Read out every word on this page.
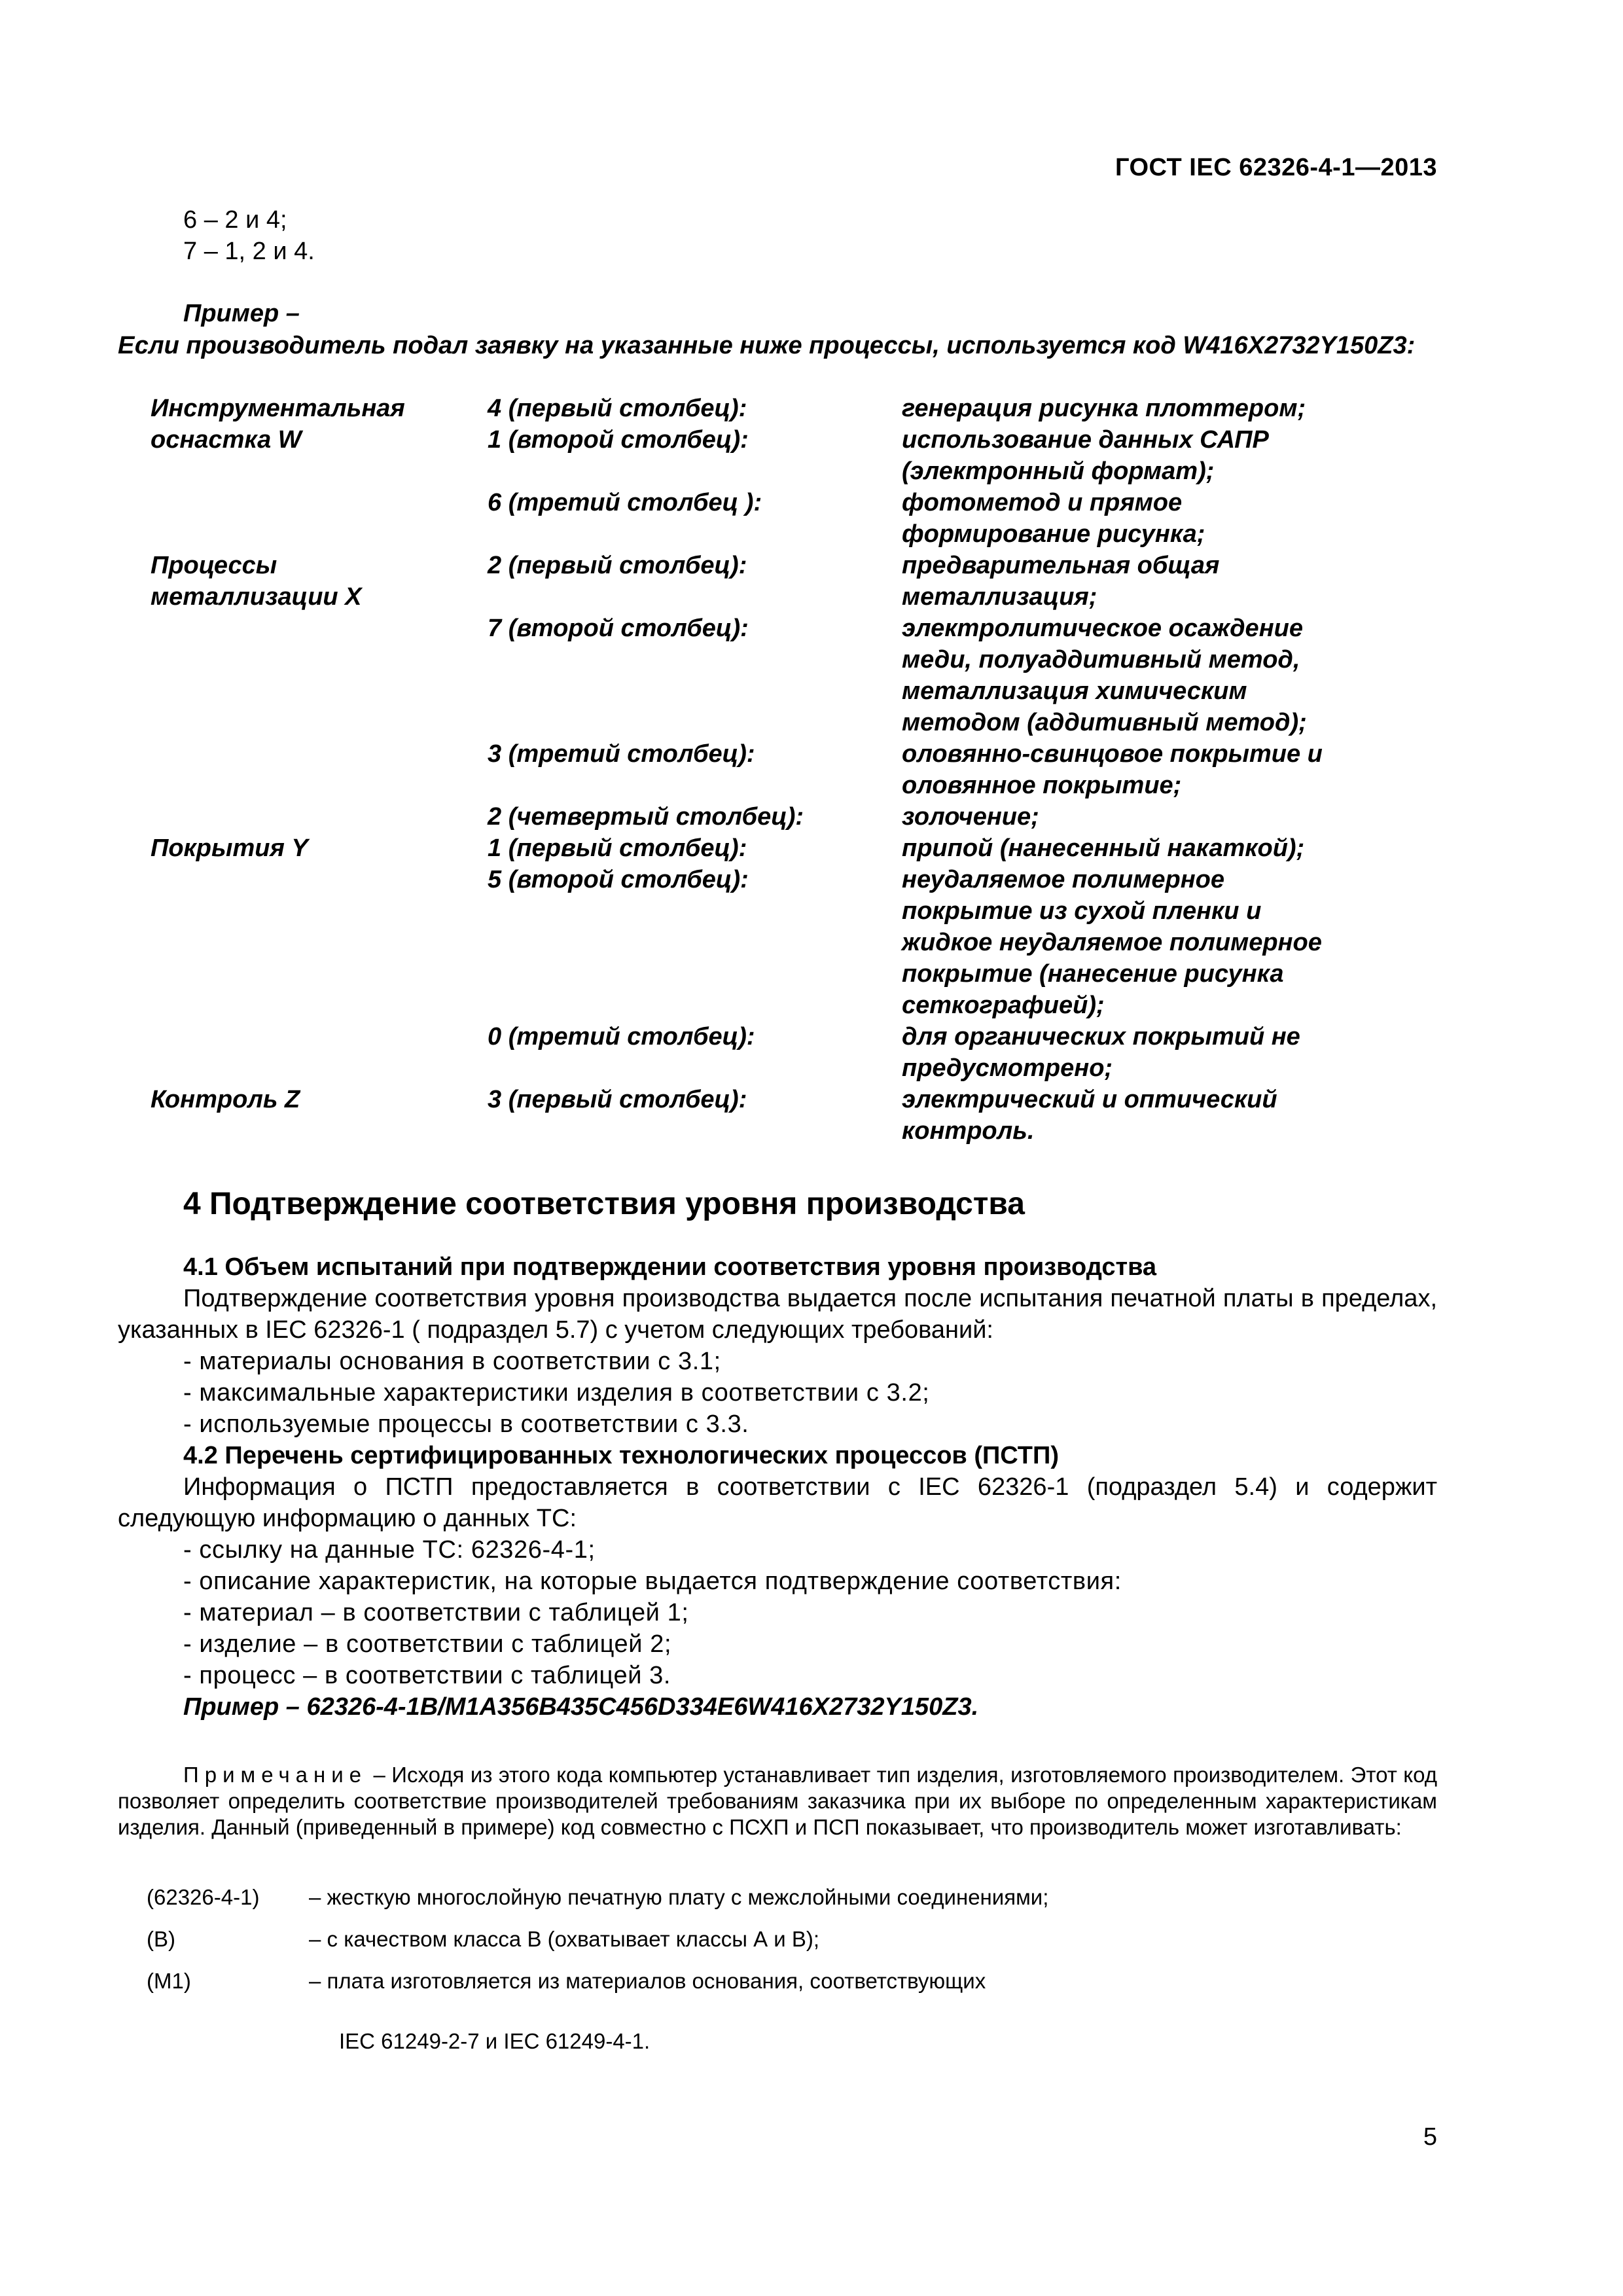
ГОСТ IEC 62326-4-1—2013
6 – 2 и 4;
7 – 1, 2 и 4.
Пример –
Если производитель подал заявку на указанные ниже процессы, используется код W416X2732Y150Z3:
Инструментальная	4 (первый столбец):	генерация рисунка плоттером;
оснастка W	1 (второй столбец):	использование данных САПР
(электронный формат);
6 (третий столбец ):	фотометод и прямое
формирование рисунка;
Процессы	2 (первый столбец):	предварительная общая
металлизации X	металлизация;
7 (второй столбец):	электролитическое осаждение
меди, полуаддитивный метод,
металлизация химическим
методом (аддитивный метод);
3 (третий столбец):	оловянно-свинцовое покрытие и
оловянное покрытие;
2 (четвертый столбец):	золочение;
Покрытия Y	1 (первый столбец):	припой (нанесенный накаткой);
5 (второй столбец):	неудаляемое полимерное
покрытие из сухой пленки и
жидкое неудаляемое полимерное
покрытие (нанесение рисунка
сеткографией);
0 (третий столбец):	для органических покрытий не
предусмотрено;
Контроль Z	3 (первый столбец):	электрический и оптический
контроль.
4 Подтверждение соответствия уровня производства
4.1 Объем испытаний при подтверждении соответствия уровня производства
Подтверждение соответствия уровня производства выдается после испытания печатной платы в пределах, указанных в IEC 62326-1 ( подраздел 5.7) с учетом следующих требований:
- материалы основания в соответствии с 3.1;
- максимальные характеристики изделия в соответствии с 3.2;
- используемые процессы в соответствии с 3.3.
4.2 Перечень сертифицированных технологических процессов (ПСТП)
Информация о ПСТП предоставляется в соответствии с IEC 62326-1 (подраздел 5.4) и содержит следующую информацию о данных ТС:
- ссылку на данные ТС: 62326-4-1;
- описание характеристик, на которые выдается подтверждение соответствия:
- материал – в соответствии с таблицей 1;
- изделие – в соответствии с таблицей 2;
- процесс – в соответствии с таблицей 3.
Пример – 62326-4-1B/M1A356B435C456D334E6W416X2732Y150Z3.
Примечание – Исходя из этого кода компьютер устанавливает тип изделия, изготовляемого производителем. Этот код позволяет определить соответствие производителей требованиям заказчика при их выборе по определенным характеристикам изделия. Данный (приведенный в примере) код совместно с ПСХП и ПСП показывает, что производитель может изготавливать:
(62326-4-1) – жесткую многослойную печатную плату с межслойными соединениями;
(B)	– с качеством класса В (охватывает классы А и В);
(M1)	– плата изготовляется из материалов основания, соответствующих
IEC 61249-2-7 и IEC 61249-4-1.
5
